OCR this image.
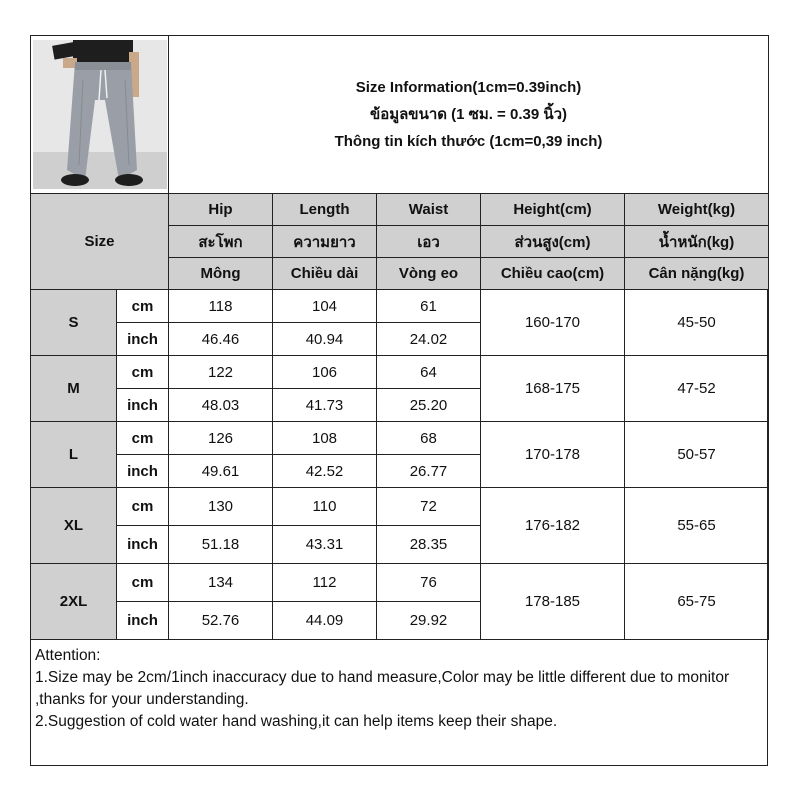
Size Information(1cm=0.39inch)
ข้อมูลขนาด (1 ซม. = 0.39 นิ้ว)
Thông tin kích thước (1cm=0,39 inch)				

Size		Hip	Length	Waist	Height(cm)	Weight(kg)
		สะโพก	ความยาว	เอว	ส่วนสูง(cm)	น้ำหนัก(kg)
		Mông	Chiều dài	Vòng eo	Chiều cao(cm)	Cân nặng(kg)
S	cm	118	104	61	160-170	45-50
	inch	46.46	40.94	24.02		
M	cm	122	106	64	168-175	47-52
	inch	48.03	41.73	25.20		
L	cm	126	108	68	170-178	50-57
	inch	49.61	42.52	26.77		
XL	cm	130	110	72	176-182	55-65
	inch	51.18	43.31	28.35		
2XL	cm	134	112	76	178-185	65-75
	inch	52.76	44.09	29.92		
Attention:
1.Size may be 2cm/1inch inaccuracy due to hand measure,Color may be little different due to monitor ,thanks for your understanding.
2.Suggestion of cold water hand washing,it can help items keep their shape.
